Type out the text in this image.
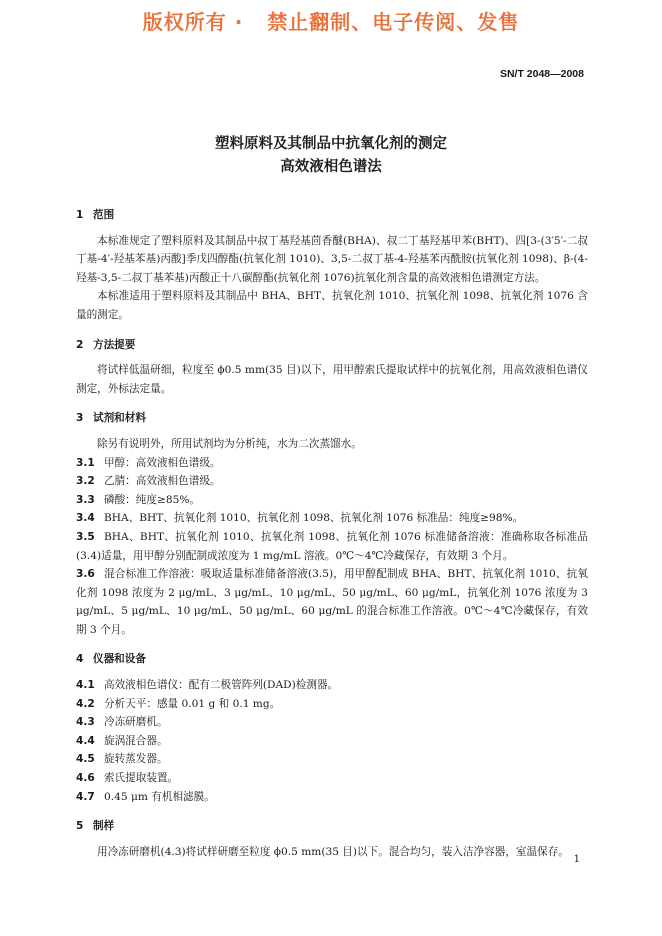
版权所有 ·   禁止翻制、电子传阅、发售
SN/T 2048—2008
塑料原料及其制品中抗氧化剂的测定
高效液相色谱法
1 范围

本标准规定了塑料原料及其制品中叔丁基羟基茴香醚(BHA)、叔二丁基羟基甲苯(BHT)、四[3-(3′5′-二叔丁基-4′-羟基苯基)丙酸]季戊四醇酯(抗氧化剂 1010)、3,5-二叔丁基-4-羟基苯丙酰胺(抗氧化剂 1098)、β-(4-羟基-3,5-二叔丁基苯基)丙酸正十八碳醇酯(抗氧化剂 1076)抗氧化剂含量的高效液相色谱测定方法。

本标准适用于塑料原料及其制品中 BHA、BHT、抗氧化剂 1010、抗氧化剂 1098、抗氧化剂 1076 含量的测定。

2 方法提要

将试样低温研细，粒度至 ϕ0.5 mm(35 目)以下，用甲醇索氏提取试样中的抗氧化剂，用高效液相色谱仪测定，外标法定量。

3 试剂和材料

除另有说明外，所用试剂均为分析纯，水为二次蒸馏水。

3.1 甲醇：高效液相色谱级。

3.2 乙腈：高效液相色谱级。

3.3 磷酸：纯度≥85%。

3.4 BHA、BHT、抗氧化剂 1010、抗氧化剂 1098、抗氧化剂 1076 标准品：纯度≥98%。

3.5 BHA、BHT、抗氧化剂 1010、抗氧化剂 1098、抗氧化剂 1076 标准储备溶液：准确称取各标准品(3.4)适量，用甲醇分别配制成浓度为 1 mg/mL 溶液。0℃～4℃冷藏保存，有效期 3 个月。

3.6 混合标准工作溶液：吸取适量标准储备溶液(3.5)，用甲醇配制成 BHA、BHT、抗氧化剂 1010、抗氧化剂 1098 浓度为 2 μg/mL、3 μg/mL、10 μg/mL、50 μg/mL、60 μg/mL，抗氧化剂 1076 浓度为 3 μg/mL、5 μg/mL、10 μg/mL、50 μg/mL、60 μg/mL 的混合标准工作溶液。0℃～4℃冷藏保存，有效期 3 个月。

4 仪器和设备

4.1 高效液相色谱仪：配有二极管阵列(DAD)检测器。

4.2 分析天平：感量 0.01 g 和 0.1 mg。

4.3 冷冻研磨机。

4.4 旋涡混合器。

4.5 旋转蒸发器。

4.6 索氏提取装置。

4.7 0.45 μm 有机相滤膜。

5 制样

用冷冻研磨机(4.3)将试样研磨至粒度 ϕ0.5 mm(35 目)以下。混合均匀，装入洁净容器，室温保存。

1
